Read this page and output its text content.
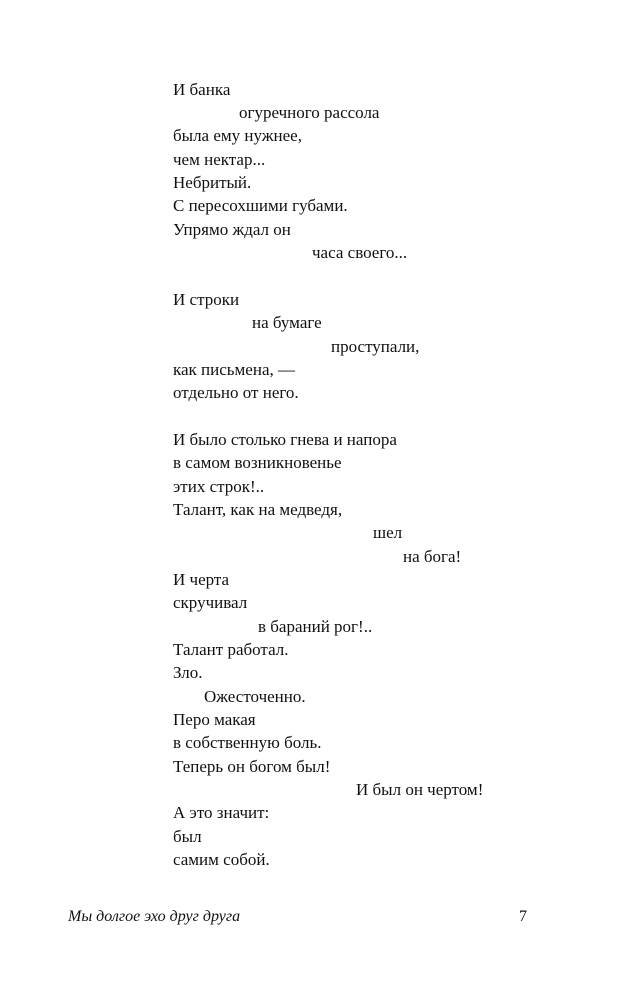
И банка
огуречного рассола
была ему нужнее,
чем нектар...
Небритый.
С пересохшими губами.
Упрямо ждал он
часа своего...
И строки
на бумаге
проступали,
как письмена, —
отдельно от него.
И было столько гнева и напора
в самом возникновенье
этих строк!..
Талант, как на медведя,
шел
на бога!
И черта
скручивал
в бараний рог!..
Талант работал.
Зло.
Ожесточенно.
Перо макая
в собственную боль.
Теперь он богом был!
И был он чертом!
А это значит:
был
самим собой.
Мы долгое эхо друг друга	7
